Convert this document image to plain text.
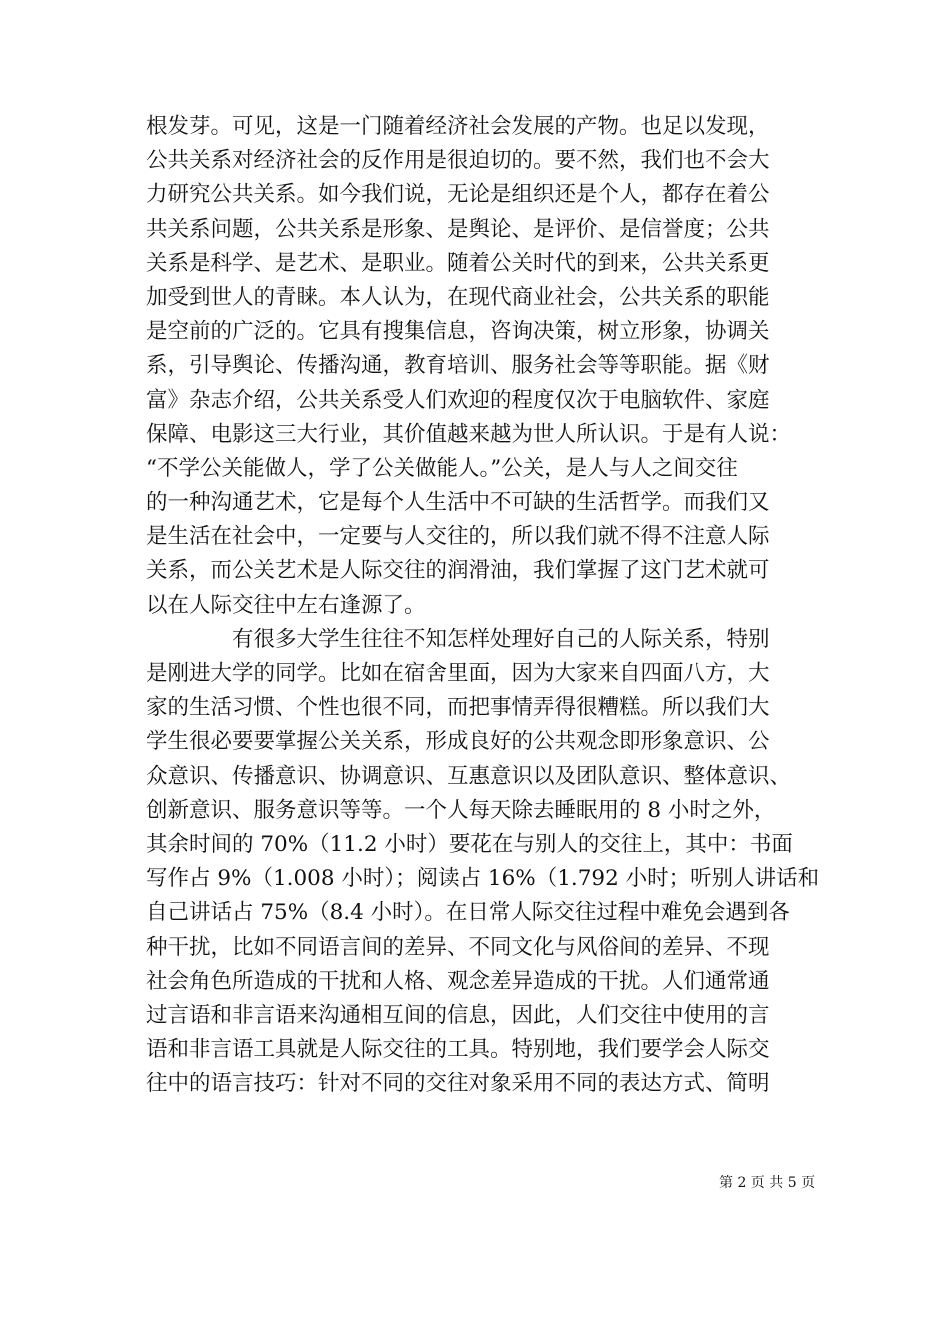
根发芽。可见，这是一门随着经济社会发展的产物。也足以发现，
公共关系对经济社会的反作用是很迫切的。要不然，我们也不会大
力研究公共关系。如今我们说，无论是组织还是个人，都存在着公
共关系问题，公共关系是形象、是舆论、是评价、是信誉度；公共
关系是科学、是艺术、是职业。随着公关时代的到来，公共关系更
加受到世人的青睐。本人认为，在现代商业社会，公共关系的职能
是空前的广泛的。它具有搜集信息，咨询决策，树立形象，协调关
系，引导舆论、传播沟通，教育培训、服务社会等等职能。据《财
富》杂志介绍，公共关系受人们欢迎的程度仅次于电脑软件、家庭
保障、电影这三大行业，其价值越来越为世人所认识。于是有人说：
“不学公关能做人，学了公关做能人。”公关，是人与人之间交往
的一种沟通艺术，它是每个人生活中不可缺的生活哲学。而我们又
是生活在社会中，一定要与人交往的，所以我们就不得不注意人际
关系，而公关艺术是人际交往的润滑油，我们掌握了这门艺术就可
以在人际交往中左右逢源了。
有很多大学生往往不知怎样处理好自己的人际关系，特别
是刚进大学的同学。比如在宿舍里面，因为大家来自四面八方，大
家的生活习惯、个性也很不同，而把事情弄得很糟糕。所以我们大
学生很必要要掌握公关关系，形成良好的公共观念即形象意识、公
众意识、传播意识、协调意识、互惠意识以及团队意识、整体意识、
创新意识、服务意识等等。一个人每天除去睡眠用的 8 小时之外，
其余时间的 70%（11.2 小时）要花在与别人的交往上，其中：书面
写作占 9%（1.008 小时）；阅读占 16%（1.792 小时；听别人讲话和
自己讲话占 75%（8.4 小时）。在日常人际交往过程中难免会遇到各
种干扰，比如不同语言间的差异、不同文化与风俗间的差异、不现
社会角色所造成的干扰和人格、观念差异造成的干扰。人们通常通
过言语和非言语来沟通相互间的信息，因此，人们交往中使用的言
语和非言语工具就是人际交往的工具。特别地，我们要学会人际交
往中的语言技巧：针对不同的交往对象采用不同的表达方式、简明
第 2 页 共 5 页
